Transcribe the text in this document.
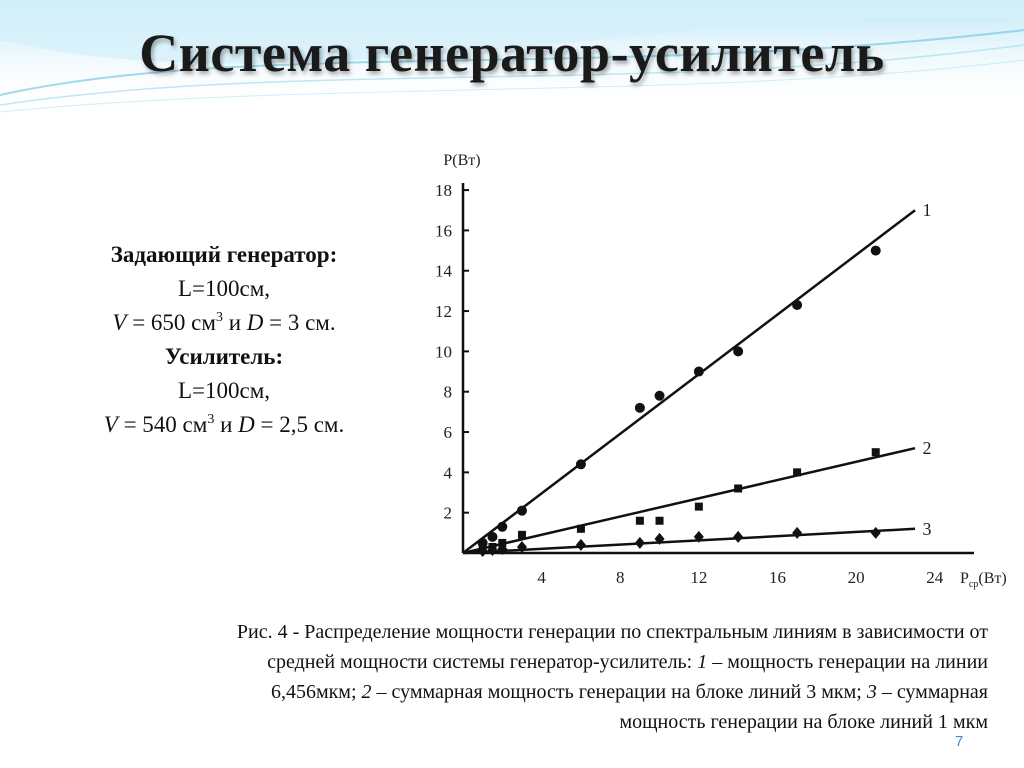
Система генератор-усилитель
Задающий генератор:
L=100см,
V = 650 $см^3$ и D = 3 см.
Усилитель:
L=100см,
V = 540 $см^3$ и D = 2,5 см.
2
4
6
8
10
12
14
16
18
4	8	12	16	20	24
P(Вт)
$P_{ср}(Вт)$
1
2
3
Рис. 4 - Распределение мощности генерации по спектральным линиям в зависимости от
средней мощности системы генератор-усилитель: 1 – мощность генерации на линии
6,456мкм; 2 – суммарная мощность генерации на блоке линий 3 мкм; 3 – суммарная
мощность генерации на блоке линий 1 мкм
7
